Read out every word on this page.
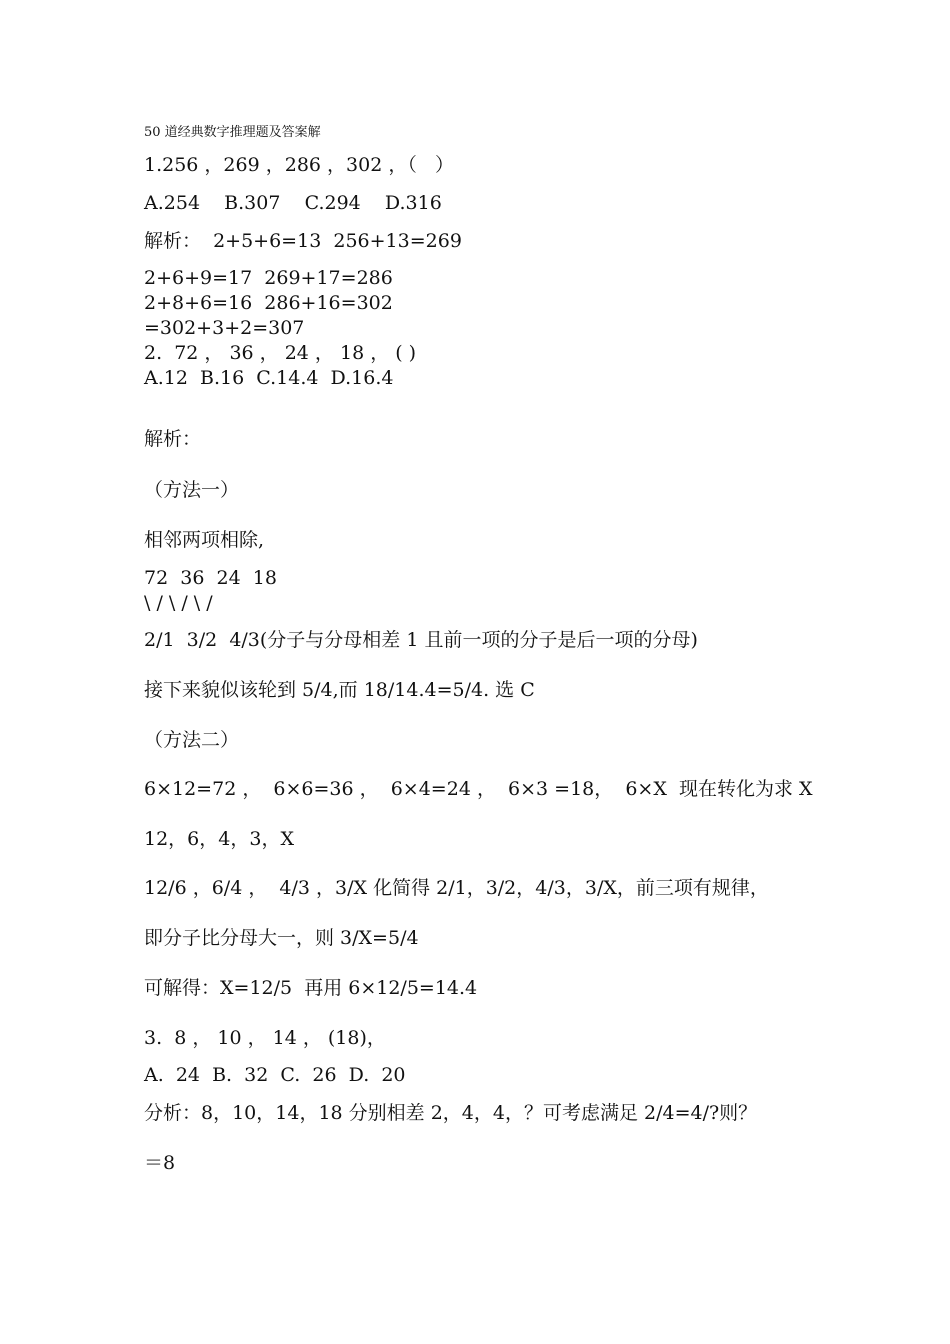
50 道经典数字推理题及答案解
1.256 ，269 ，286 ，302 ，（   ）
A.254    B.307    C.294    D.316
解析：  2+5+6=13  256+13=269
2+6+9=17  269+17=286
2+8+6=16  286+16=302
=302+3+2=307
2.  72 ， 36 ， 24 ， 18 ， ( )
A.12  B.16  C.14.4  D.16.4
解析：
（方法一）
相邻两项相除,
72  36  24  18
\ / \ / \ /
2/1  3/2  4/3(分子与分母相差 1 且前一项的分子是后一项的分母)
接下来貌似该轮到 5/4,而 18/14.4=5/4. 选 C
（方法二）
6×12=72 ，  6×6=36 ，  6×4=24 ，  6×3 =18，  6×X  现在转化为求 X
12，6，4，3，X
12/6 ，6/4 ，  4/3 ，3/X 化简得 2/1，3/2，4/3，3/X，前三项有规律，
即分子比分母大一，则 3/X=5/4
可解得：X=12/5  再用 6×12/5=14.4
3.  8 ， 10 ， 14 ， (18)，
A.  24  B.  32  C.  26  D.  20
分析：8，10，14，18 分别相差 2，4，4，？可考虑满足 2/4=4/?则？
＝8
